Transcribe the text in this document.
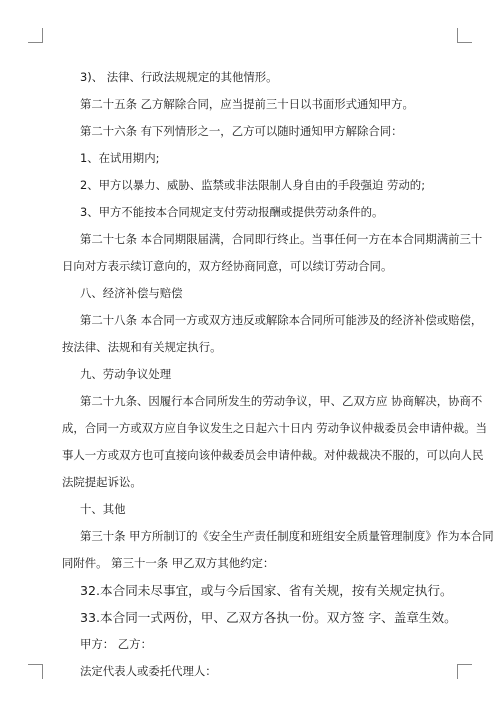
3)、 法律、行政法规规定的其他情形。
第二十五条 乙方解除合同，应当提前三十日以书面形式通知甲方。
第二十六条 有下列情形之一，乙方可以随时通知甲方解除合同：
1、在试用期内;
2、甲方以暴力、威胁、监禁或非法限制人身自由的手段强迫 劳动的;
3、甲方不能按本合同规定支付劳动报酬或提供劳动条件的。
第二十七条 本合同期限届满，合同即行终止。当事任何一方在本合同期满前三十
日向对方表示续订意向的，双方经协商同意，可以续订劳动合同。
八、经济补偿与赔偿
第二十八条 本合同一方或双方违反或解除本合同所可能涉及的经济补偿或赔偿，
按法律、法规和有关规定执行。
九、劳动争议处理
第二十九条、因履行本合同所发生的劳动争议，甲、乙双方应 协商解决，协商不
成，合同一方或双方应自争议发生之日起六十日内 劳动争议仲裁委员会申请仲裁。当
事人一方或双方也可直接向该仲裁委员会申请仲裁。对仲裁裁决不服的，可以向人民
法院提起诉讼。
十、其他
第三十条 甲方所制订的《安全生产责任制度和班组安全质量管理制度》作为本合同
同附件。 第三十一条 甲乙双方其他约定：
32.本合同未尽事宜，或与今后国家、省有关规，按有关规定执行。
33.本合同一式两份，甲、乙双方各执一份。双方签 字、盖章生效。
甲方： 乙方：
法定代表人或委托代理人：
